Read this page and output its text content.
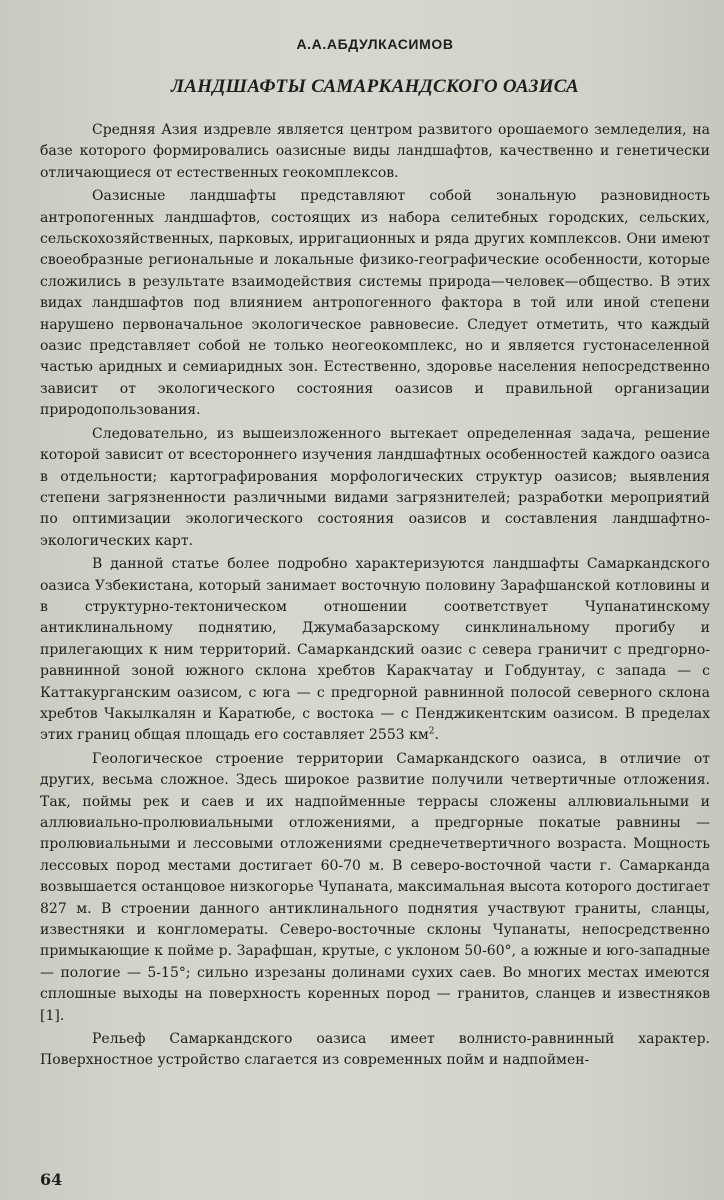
А.А.АБДУЛКАСИМОВ
ЛАНДШАФТЫ САМАРКАНДСКОГО ОАЗИСА

Средняя Азия издревле является центром развитого орошаемого земледелия, на базе которого формировались оазисные виды ландшафтов, качественно и генетически отличающиеся от естественных геокомплексов.

Оазисные ландшафты представляют собой зональную разновидность антропогенных ландшафтов, состоящих из набора селитебных городских, сельских, сельскохозяйственных, парковых, ирригационных и ряда других комплексов. Они имеют своеобразные региональные и локальные физико-географические особенности, которые сложились в результате взаимодействия системы природа—человек—общество. В этих видах ландшафтов под влиянием антропогенного фактора в той или иной степени нарушено первоначальное экологическое равновесие. Следует отметить, что каждый оазис представляет собой не только неогеокомплекс, но и является густонаселенной частью аридных и семиаридных зон. Естественно, здоровье населения непосредственно зависит от экологического состояния оазисов и правильной организации природопользования.

Следовательно, из вышеизложенного вытекает определенная задача, решение которой зависит от всестороннего изучения ландшафтных особенностей каждого оазиса в отдельности; картографирования морфологических структур оазисов; выявления степени загрязненности различными видами загрязнителей; разработки мероприятий по оптимизации экологического состояния оазисов и составления ландшафтно-экологических карт.

В данной статье более подробно характеризуются ландшафты Самаркандского оазиса Узбекистана, который занимает восточную половину Зарафшанской котловины и в структурно-тектоническом отношении соответствует Чупанатинскому антиклинальному поднятию, Джумабазарскому синклинальному прогибу и прилегающих к ним территорий. Самаркандский оазис с севера граничит с предгорно-равнинной зоной южного склона хребтов Каракчатау и Гобдунтау, с запада — с Каттакурганским оазисом, с юга — с предгорной равнинной полосой северного склона хребтов Чакылкалян и Каратюбе, с востока — с Пенджикентским оазисом. В пределах этих границ общая площадь его составляет 2553 $км^2$.

Геологическое строение территории Самаркандского оазиса, в отличие от других, весьма сложное. Здесь широкое развитие получили четвертичные отложения. Так, поймы рек и саев и их надпойменные террасы сложены аллювиальными и аллювиально-пролювиальными отложениями, а предгорные покатые равнины — пролювиальными и лессовыми отложениями среднечетвертичного возраста. Мощность лессовых пород местами достигает 60-70 м. В северо-восточной части г. Самарканда возвышается останцовое низкогорье Чупаната, максимальная высота которого достигает 827 м. В строении данного антиклинального поднятия участвуют граниты, сланцы, известняки и конгломераты. Северо-восточные склоны Чупанаты, непосредственно примыкающие к пойме р. Зарафшан, крутые, с уклоном 50-60°, а южные и юго-западные — пологие — 5-15°; сильно изрезаны долинами сухих саев. Во многих местах имеются сплошные выходы на поверхность коренных пород — гранитов, сланцев и известняков [1].

Рельеф Самаркандского оазиса имеет волнисто-равнинный характер. Поверхностное устройство слагается из современных пойм и надпоймен-

64
